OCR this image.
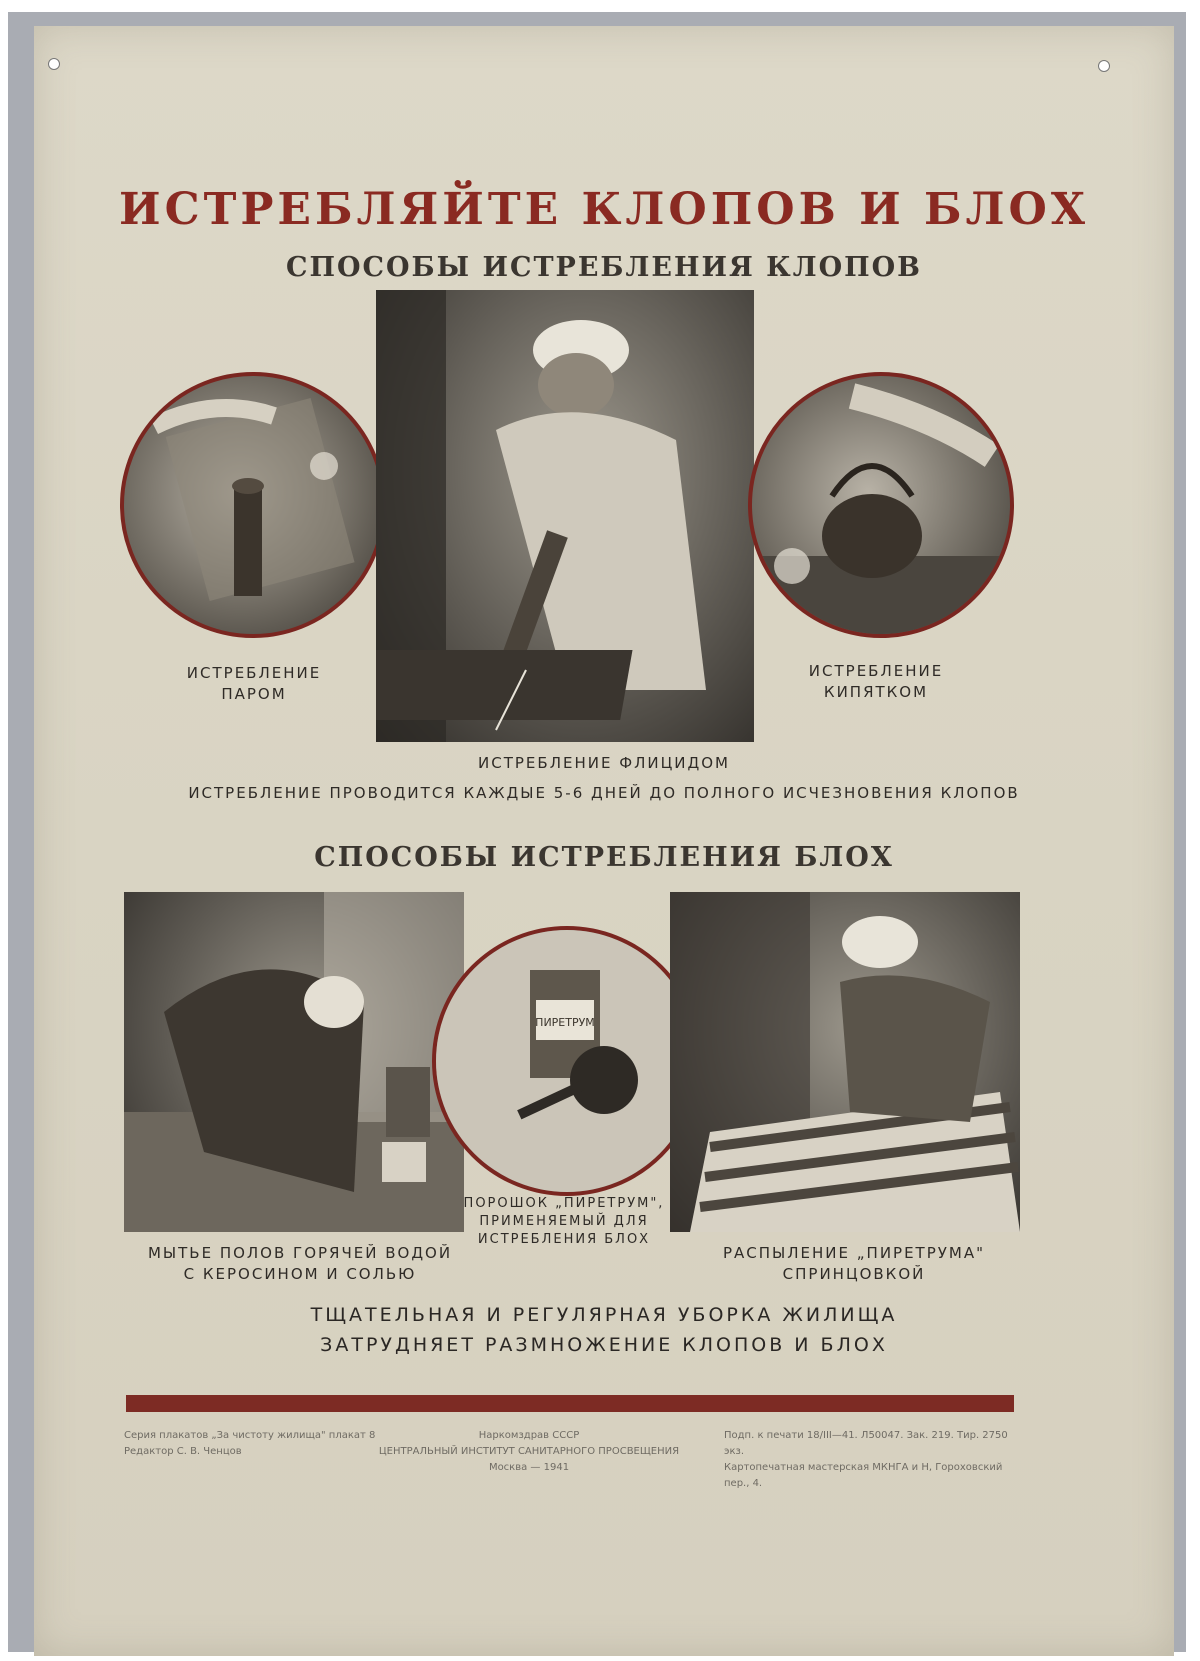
ИСТРЕБЛЯЙТЕ КЛОПОВ И БЛОХ
СПОСОБЫ ИСТРЕБЛЕНИЯ КЛОПОВ

ИСТРЕБЛЕНИЕ
ПАРОМ

ИСТРЕБЛЕНИЕ
КИПЯТКОМ

ИСТРЕБЛЕНИЕ ФЛИЦИДОМ

ИСТРЕБЛЕНИЕ ПРОВОДИТСЯ КАЖДЫЕ 5-6 ДНЕЙ ДО ПОЛНОГО ИСЧЕЗНОВЕНИЯ КЛОПОВ

СПОСОБЫ ИСТРЕБЛЕНИЯ БЛОХ

МЫТЬЕ ПОЛОВ ГОРЯЧЕЙ ВОДОЙ
С КЕРОСИНОМ И СОЛЬЮ

ПИРЕТРУМ

ПОРОШОК „ПИРЕТРУМ",
ПРИМЕНЯЕМЫЙ ДЛЯ
ИСТРЕБЛЕНИЯ БЛОХ

РАСПЫЛЕНИЕ „ПИРЕТРУМА"
СПРИНЦОВКОЙ

ТЩАТЕЛЬНАЯ И РЕГУЛЯРНАЯ УБОРКА ЖИЛИЩА
ЗАТРУДНЯЕТ РАЗМНОЖЕНИЕ КЛОПОВ И БЛОХ

Серия плакатов „За чистоту жилища" плакат 8
Редактор С. В. Ченцов

Наркомздрав СССР
ЦЕНТРАЛЬНЫЙ ИНСТИТУТ САНИТАРНОГО ПРОСВЕЩЕНИЯ
Москва — 1941

Подп. к печати 18/III—41. Л50047. Зак. 219. Тир. 2750 экз.
Картопечатная мастерская МКНГА и Н, Гороховский пер., 4.
